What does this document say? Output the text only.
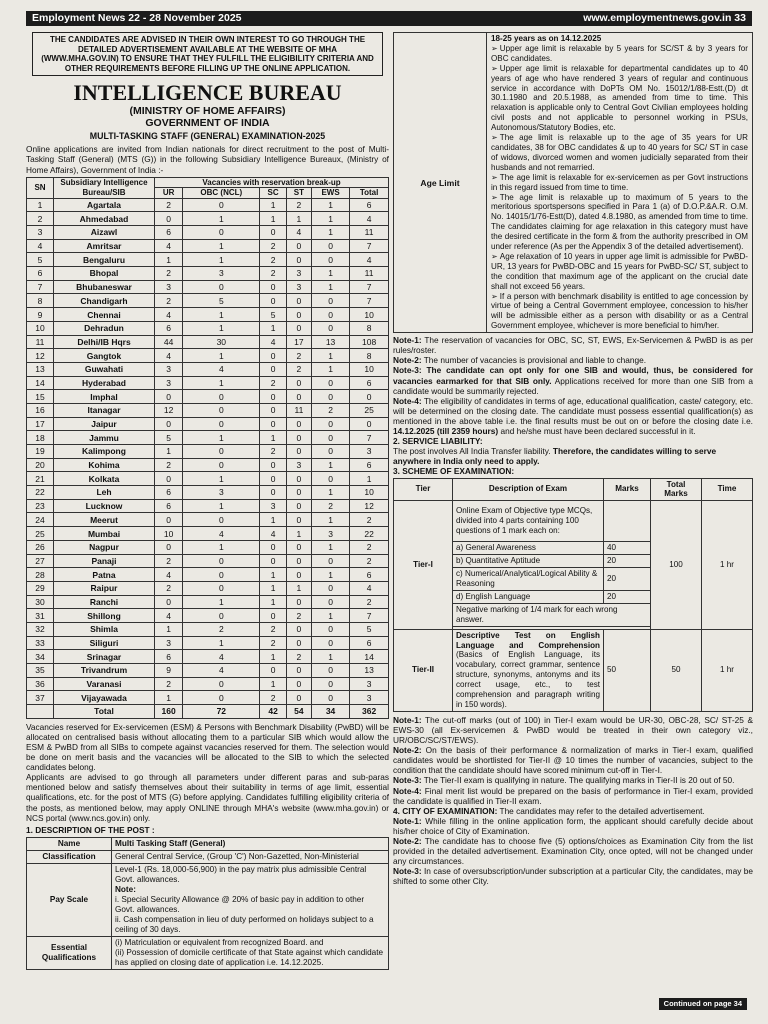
Employment News 22 - 28 November 2025	www.employmentnews.gov.in 33
THE CANDIDATES ARE ADVISED IN THEIR OWN INTEREST TO GO THROUGH THE DETAILED ADVERTISEMENT AVAILABLE AT THE WEBSITE OF MHA (WWW.MHA.GOV.IN) TO ENSURE THAT THEY FULFILL THE ELIGIBILITY CRITERIA AND OTHER REQUIREMENTS BEFORE FILLING UP THE ONLINE APPLICATION.
INTELLIGENCE BUREAU
(MINISTRY OF HOME AFFAIRS)
GOVERNMENT OF INDIA
MULTI-TASKING STAFF (GENERAL) EXAMINATION-2025

Online applications are invited from Indian nationals for direct recruitment to the post of Multi-Tasking Staff (General) (MTS (G)) in the following Subsidiary Intelligence Bureaux, (Ministry of Home Affairs), Government of India :-

SN	Subsidiary Intelligence Bureau/SIB	Vacancies with reservation break-up					
		UR	OBC (NCL)	SC	ST	EWS	Total
1	Agartala	2	0	1	2	1	6
2	Ahmedabad	0	1	1	1	1	4
3	Aizawl	6	0	0	4	1	11
4	Amritsar	4	1	2	0	0	7
5	Bengaluru	1	1	2	0	0	4
6	Bhopal	2	3	2	3	1	11
7	Bhubaneswar	3	0	0	3	1	7
8	Chandigarh	2	5	0	0	0	7
9	Chennai	4	1	5	0	0	10
10	Dehradun	6	1	1	0	0	8
11	Delhi/IB Hqrs	44	30	4	17	13	108
12	Gangtok	4	1	0	2	1	8
13	Guwahati	3	4	0	2	1	10
14	Hyderabad	3	1	2	0	0	6
15	Imphal	0	0	0	0	0	0
16	Itanagar	12	0	0	11	2	25
17	Jaipur	0	0	0	0	0	0
18	Jammu	5	1	1	0	0	7
19	Kalimpong	1	0	2	0	0	3
20	Kohima	2	0	0	3	1	6
21	Kolkata	0	1	0	0	0	1
22	Leh	6	3	0	0	1	10
23	Lucknow	6	1	3	0	2	12
24	Meerut	0	0	1	0	1	2
25	Mumbai	10	4	4	1	3	22
26	Nagpur	0	1	0	0	1	2
27	Panaji	2	0	0	0	0	2
28	Patna	4	0	1	0	1	6
29	Raipur	2	0	1	1	0	4
30	Ranchi	0	1	1	0	0	2
31	Shillong	4	0	0	2	1	7
32	Shimla	1	2	2	0	0	5
33	Siliguri	3	1	2	0	0	6
34	Srinagar	6	4	1	2	1	14
35	Trivandrum	9	4	0	0	0	13
36	Varanasi	2	0	1	0	0	3
37	Vijayawada	1	0	2	0	0	3
	Total	160	72	42	54	34	362

Vacancies reserved for Ex-servicemen (ESM) & Persons with Benchmark Disability (PwBD) will be allocated on centralised basis without allocating them to a particular SIB which would allow the ESM & PwBD from all SIBs to compete against vacancies reserved for them. The selection would be done on merit basis and the vacancies will be allocated to the SIB to which the selected candidates belong.

Applicants are advised to go through all parameters under different paras and sub-paras mentioned below and satisfy themselves about their suitability in terms of age limit, essential qualifications, etc. for the post of MTS (G) before applying. Candidates fulfilling eligibility criteria of the posts, as mentioned below, may apply ONLINE through MHA's website (www.mha.gov.in) or NCS portal (www.ncs.gov.in) only.

1. DESCRIPTION OF THE POST :

Name	Multi Tasking Staff (General)
Classification	General Central Service, (Group 'C') Non-Gazetted, Non-Ministerial
Pay Scale	Level-1 (Rs. 18,000-56,900) in the pay matrix plus admissible Central Govt. allowances.
Note:
i. Special Security Allowance @ 20% of basic pay in addition to other Govt. allowances.
ii. Cash compensation in lieu of duty performed on holidays subject to a ceiling of 30 days.

Essential Qualifications	(i) Matriculation or equivalent from recognized Board. and
(ii) Possession of domicile certificate of that State against which candidate has applied on closing date of application i.e. 14.12.2025.
Age Limit
18-25 years as on 14.12.2025
➢ Upper age limit is relaxable by 5 years for SC/ST & by 3 years for OBC candidates.
➢ Upper age limit is relaxable for departmental candidates up to 40 years of age who have rendered 3 years of regular and continuous service in accordance with DoPTs OM No. 15012/1/88-Estt.(D) dt 30.1.1980 and 20.5.1988, as amended from time to time. This relaxation is applicable only to Central Govt Civilian employees holding civil posts and not applicable to personnel working in PSUs, Autonomous/Statutory Bodies, etc.
➢ The age limit is relaxable up to the age of 35 years for UR candidates, 38 for OBC candidates & up to 40 years for SC/ ST in case of widows, divorced women and women judicially separated from their husbands and not remarried.
➢ The age limit is relaxable for ex-servicemen as per Govt instructions in this regard issued from time to time.
➢ The age limit is relaxable up to maximum of 5 years to the meritorious sportspersons specified in Para 1 (a) of D.O.P.&A.R. O.M. No. 14015/1/76-Estt(D), dated 4.8.1980, as amended from time to time. The candidates claiming for age relaxation in this category must have the desired certificate in the form & from the authority prescribed in OM under reference (As per the Appendix 3 of the detailed advertisement).
➢ Age relaxation of 10 years in upper age limit is admissible for PwBD-UR, 13 years for PwBD-OBC and 15 years for PwBD-SC/ ST, subject to the condition that maximum age of the applicant on the crucial date shall not exceed 56 years.
➢ If a person with benchmark disability is entitled to age concession by virtue of being a Central Government employee, concession to his/her will be admissible either as a person with disability or as a Central Government employee, whichever is more beneficial to him/her.

Note-1: The reservation of vacancies for OBC, SC, ST, EWS, Ex-Servicemen & PwBD is as per rules/roster.

Note-2: The number of vacancies is provisional and liable to change.

Note-3: The candidate can opt only for one SIB and would, thus, be considered for vacancies earmarked for that SIB only. Applications received for more than one SIB from a candidate would be summarily rejected.

Note-4: The eligibility of candidates in terms of age, educational qualification, caste/ category, etc. will be determined on the closing date. The candidate must possess essential qualification(s) as mentioned in the above table i.e. the final results must be out on or before the closing date i.e. 14.12.2025 (till 2359 hours) and he/she must have been declared successful in it.

2. SERVICE LIABILITY:

The post involves All India Transfer liability. Therefore, the candidates willing to serve anywhere in India only need to apply.

3. SCHEME OF EXAMINATION:

Tier	Description of Exam	Marks	Total Marks	Time
Tier-I	Online Exam of Objective type MCQs, divided into 4 parts containing 100 questions of 1 mark each on:		100	1 hr
	a) General Awareness	40		
	b) Quantitative Aptitude	20		
	c) Numerical/Analytical/Logical Ability & Reasoning	20		
	d) English Language	20		
	Negative marking of 1/4 mark for each wrong answer.			

Tier-II	Descriptive Test on English Language and Comprehension (Basics of English Language, its vocabulary, correct grammar, sentence structure, synonyms, antonyms and its correct usage, etc., to test comprehension and paragraph writing in 150 words).	50	50	1 hr

Note-1: The cut-off marks (out of 100) in Tier-I exam would be UR-30, OBC-28, SC/ ST-25 & EWS-30 (all Ex-servicemen & PwBD would be treated in their own category viz., UR/OBC/SC/ST/EWS).

Note-2: On the basis of their performance & normalization of marks in Tier-I exam, qualified candidates would be shortlisted for Tier-II @ 10 times the number of vacancies, subject to the condition that the candidate should have scored minimum cut-off in Tier-I.

Note-3: The Tier-II exam is qualifying in nature. The qualifying marks in Tier-II is 20 out of 50.

Note-4: Final merit list would be prepared on the basis of performance in Tier-I exam, provided the candidate is qualified in Tier-II exam.

4. CITY OF EXAMINATION: The candidates may refer to the detailed advertisement.

Note-1: While filling in the online application form, the applicant should carefully decide about his/her choice of City of Examination.

Note-2: The candidate has to choose five (5) options/choices as Examination City from the list provided in the detailed advertisement. Examination City, once opted, will not be changed under any circumstances.

Note-3: In case of oversubscription/under subscription at a particular City, the candidates, may be shifted to some other City.

Continued on page 34
